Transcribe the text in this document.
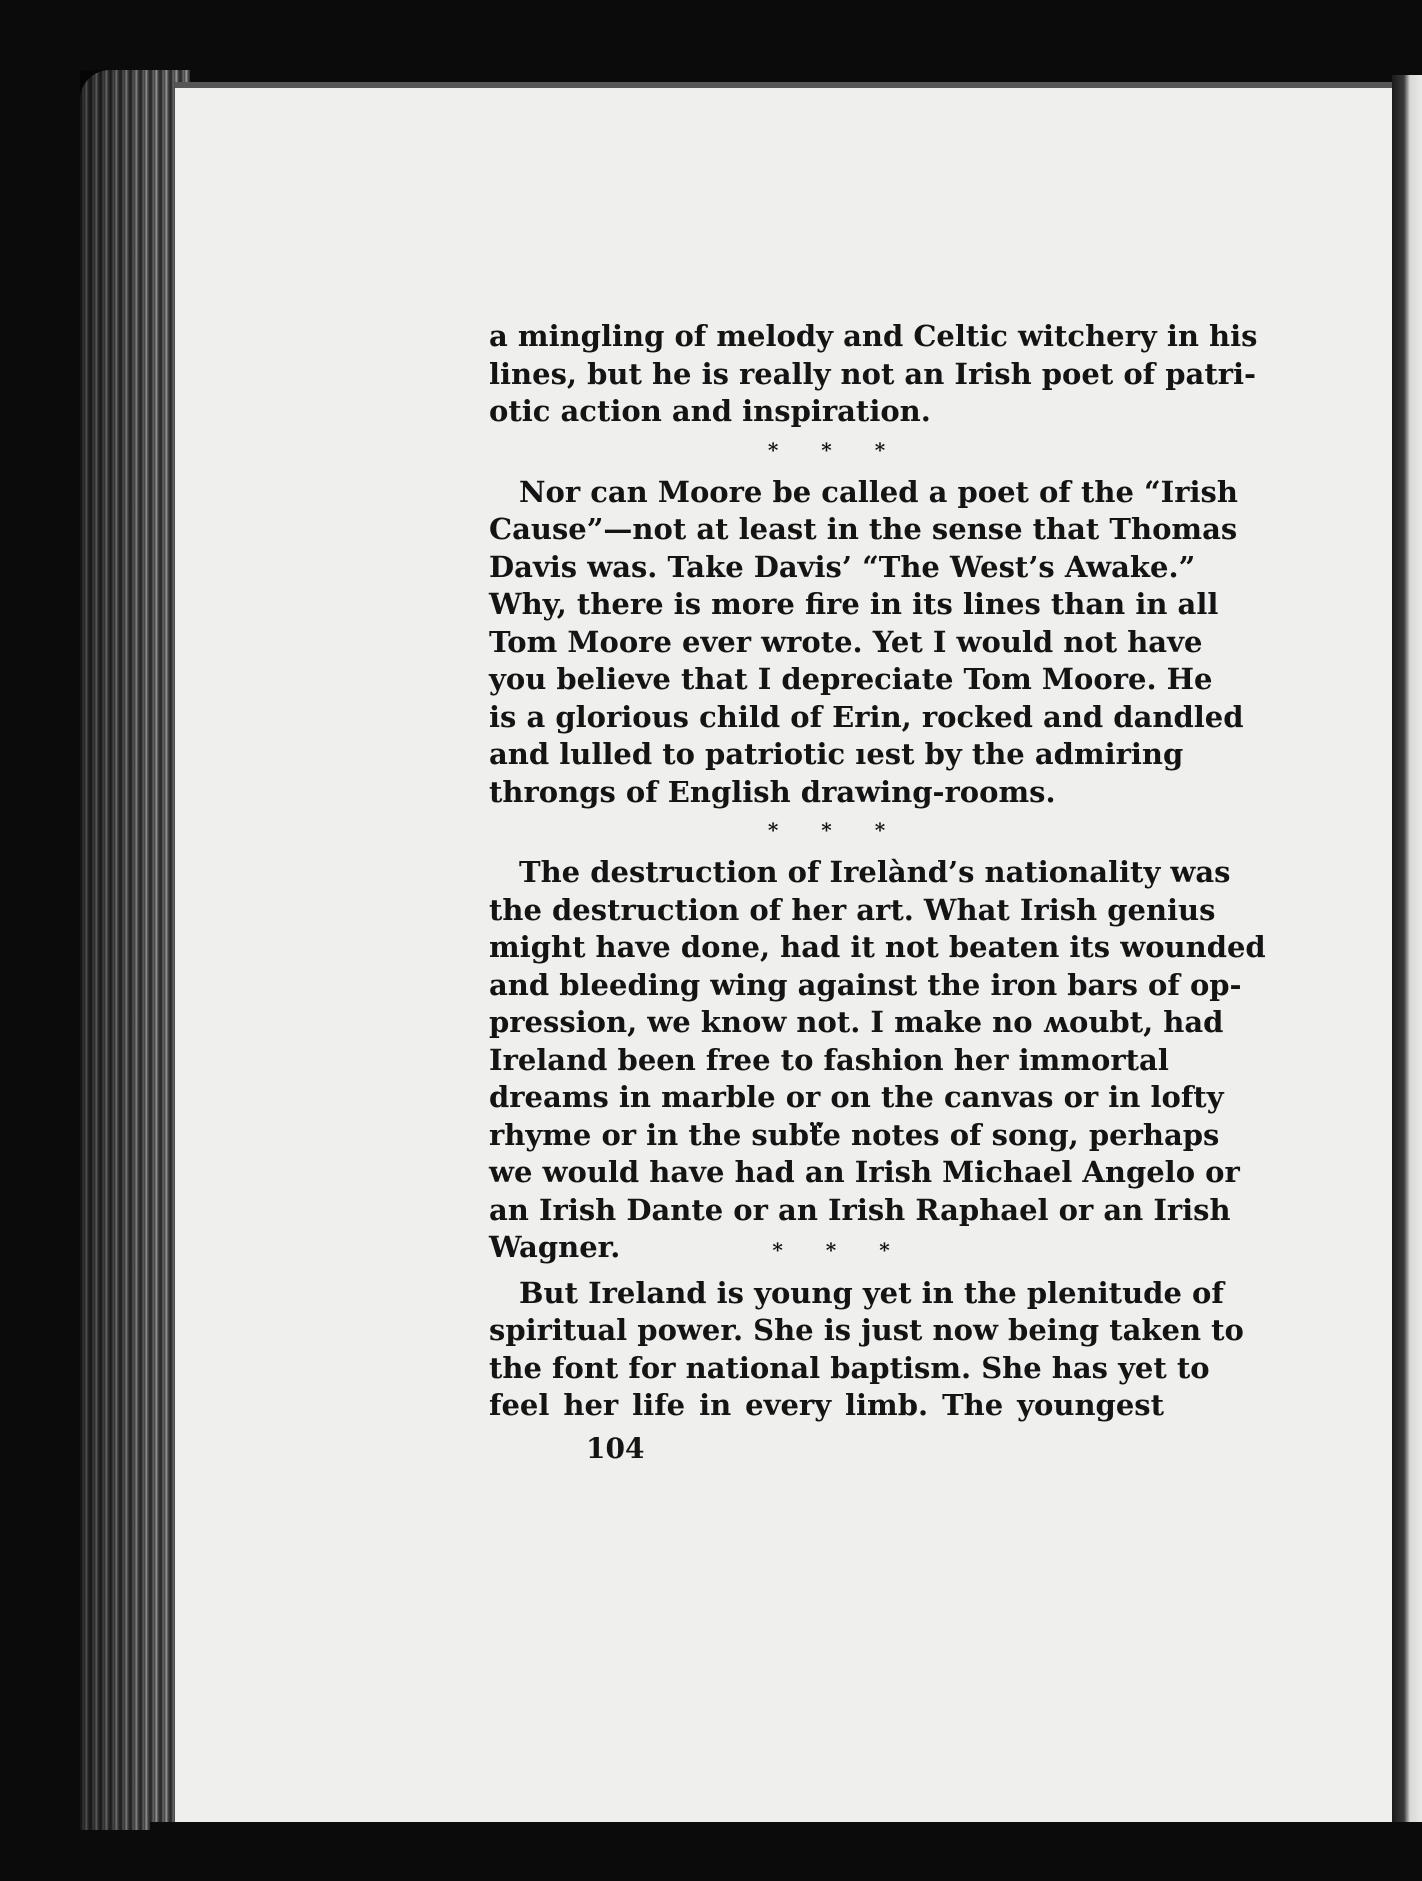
a mingling of melody and Celtic witchery in his
lines, but he is really not an Irish poet of patri-
otic action and inspiration.
* * *
Nor can Moore be called a poet of the “Irish
Cause”—not at least in the sense that Thomas
Davis was. Take Davis’ “The West’s Awake.”
Why, there is more fire in its lines than in all
Tom Moore ever wrote. Yet I would not have
you believe that I depreciate Tom Moore. He
is a glorious child of Erin, rocked and dandled
and lulled to patriotic ıest by the admiring
throngs of English drawing-rooms.
* * *
The destruction of Irelànd’s nationality was
the destruction of her art. What Irish genius
might have done, had it not beaten its wounded
and bleeding wing against the iron bars of op-
pression, we know not. I make no ʍoubt, had
Ireland been free to fashion her immortal
dreams in marble or on the canvas or in lofty
rhyme or in the subť̈e notes of song, perhaps
we would have had an Irish Michael Angelo or
an Irish Dante or an Irish Raphael or an Irish
Wagner.	* * *
But Ireland is young yet in the plenitude of
spiritual power. She is just now being taken to
the font for national baptism. She has yet to
feel her life in every limb. The youngest
104
